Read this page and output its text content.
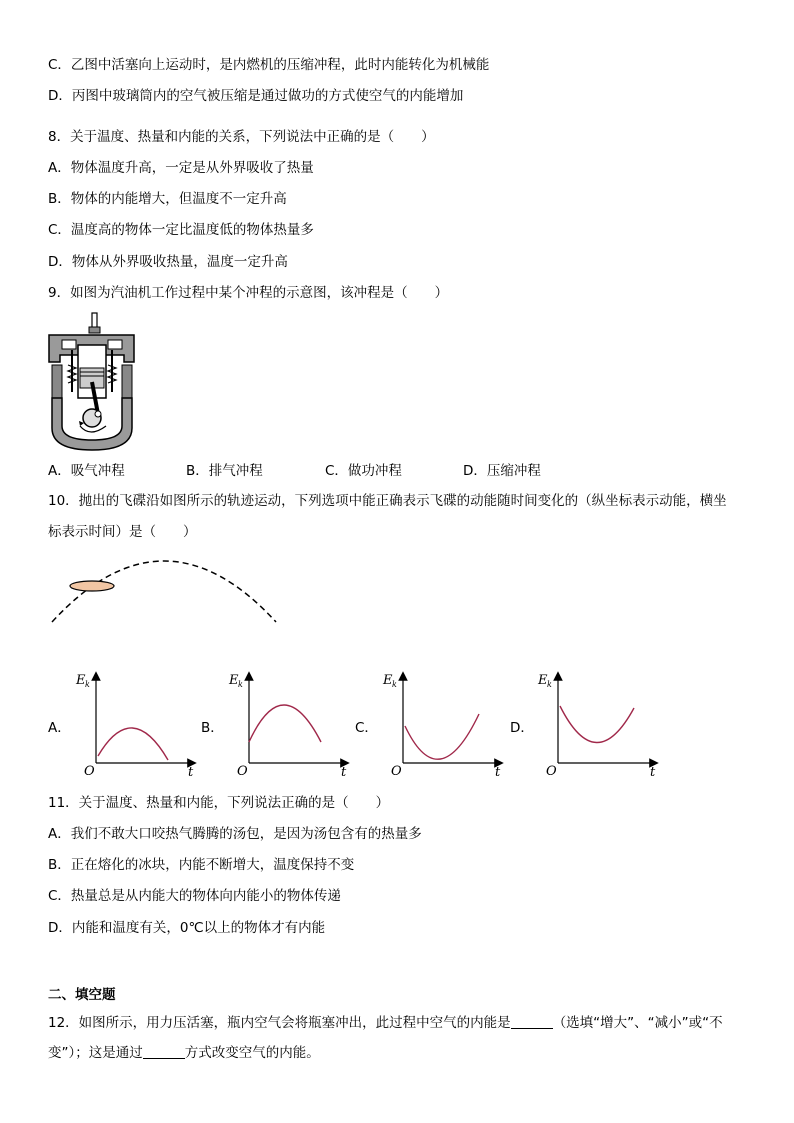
C．乙图中活塞向上运动时，是内燃机的压缩冲程，此时内能转化为机械能
D．丙图中玻璃筒内的空气被压缩是通过做功的方式使空气的内能增加
8．关于温度、热量和内能的关系，下列说法中正确的是（　　）
A．物体温度升高，一定是从外界吸收了热量
B．物体的内能增大，但温度不一定升高
C．温度高的物体一定比温度低的物体热量多
D．物体从外界吸收热量，温度一定升高
9．如图为汽油机工作过程中某个冲程的示意图，该冲程是（　　）
A．吸气冲程	B．排气冲程	C．做功冲程	D．压缩冲程
10．抛出的飞碟沿如图所示的轨迹运动，下列选项中能正确表示飞碟的动能随时间变化的（纵坐标表示动能，横坐
标表示时间）是（　　）
A．	B．	C．	D．
E k
O	t
E k
O	t
E k
O	t
E k
O	t
11．关于温度、热量和内能，下列说法正确的是（　　）
A．我们不敢大口咬热气腾腾的汤包，是因为汤包含有的热量多
B．正在熔化的冰块，内能不断增大，温度保持不变
C．热量总是从内能大的物体向内能小的物体传递
D．内能和温度有关，0℃以上的物体才有内能
二、填空题
12．如图所示，用力压活塞，瓶内空气会将瓶塞冲出，此过程中空气的内能是	（选填“增大”、“减小”或“不
变”）；这是通过	方式改变空气的内能。
